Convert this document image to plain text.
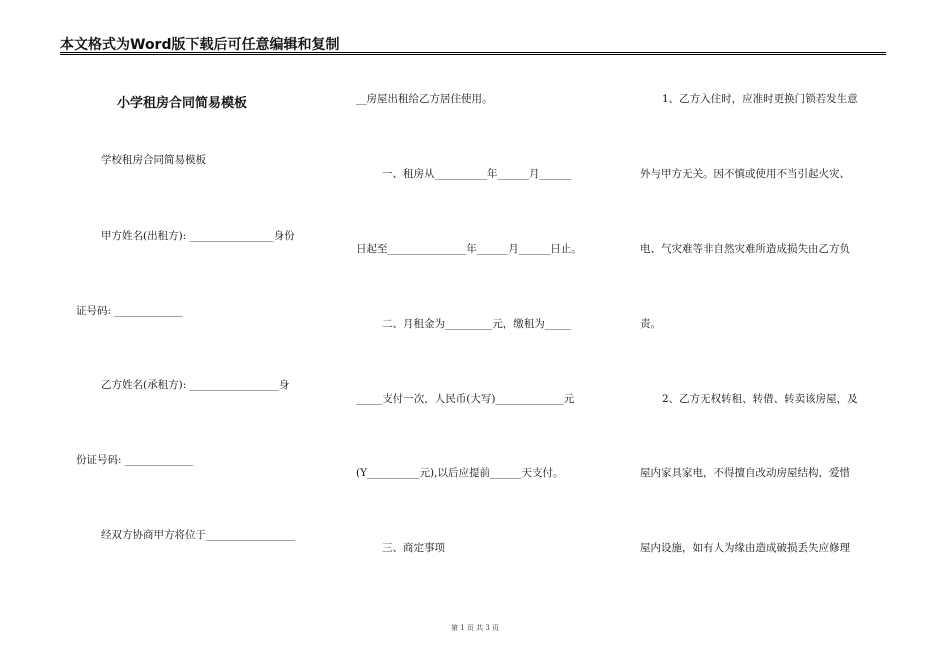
本文格式为Word版下载后可任意编辑和复制
小学租房合同简易模板
学校租房合同简易模板
甲方姓名(出租方): ________________身份
证号码: _____________
乙方姓名(承租方): _________________身
份证号码: _____________
经双方协商甲方将位于_________________
__房屋出租给乙方居住使用。
一、租房从__________年______月______
日起至_______________年______月______日止。
二、月租金为_________元，缴租为_____
_____支付一次，人民币(大写)_____________元
(Y__________元),以后应提前______天支付。
三、商定事项
1、乙方入住时，应准时更换门锁若发生意
外与甲方无关。因不慎或使用不当引起火灾、
电、气灾难等非自然灾难所造成损失由乙方负
责。
2、乙方无权转租、转借、转卖该房屋，及
屋内家具家电，不得擅自改动房屋结构，爱惜
屋内设施，如有人为缘由造成破损丢失应修理
第 1 页 共 3 页
